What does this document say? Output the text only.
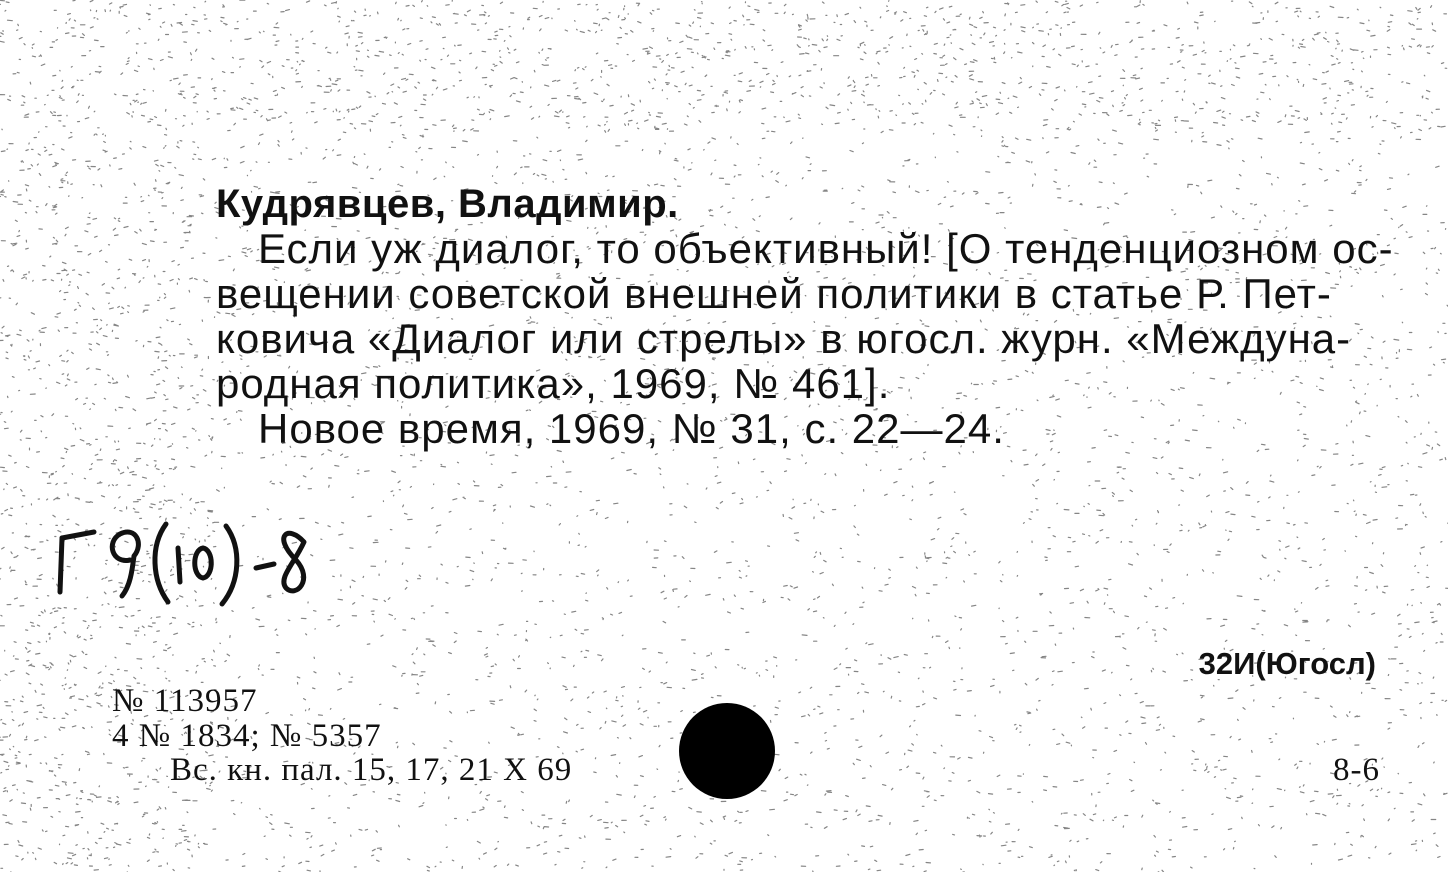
Кудрявцев, Владимир.
Если уж диалог, то объективный! [О тенденциозном ос-
вещении советской внешней политики в статье Р. Пет-
ковича «Диалог или стрелы» в югосл. журн. «Междуна-
родная политика», 1969, № 461].
Новое время, 1969, № 31, с. 22—24.
32И(Югосл)
№ 113957
4 № 1834; № 5357
Вс. кн. пал. 15, 17, 21 X 69	8-6
